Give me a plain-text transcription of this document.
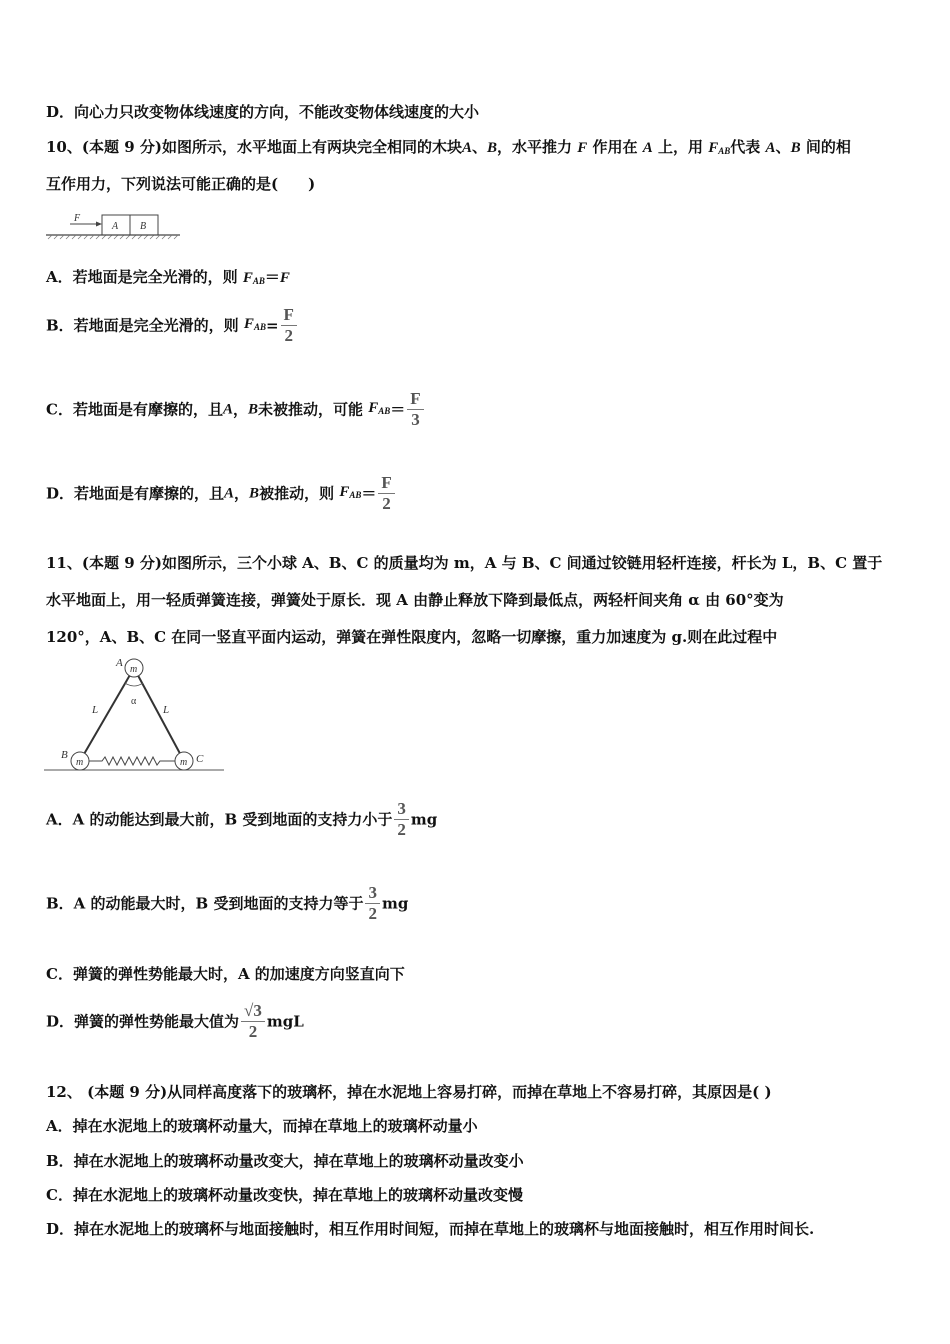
D．向心力只改变物体线速度的方向，不能改变物体线速度的大小
10、(本题 9 分)如图所示，水平地面上有两块完全相同的木块A、B，水平推力 F 作用在 A 上，用 $F_{AB}$代表 A、B 间的相
互作用力，下列说法可能正确的是(　　)
F
A B
A．若地面是完全光滑的，则 $F_{AB}=F$
B．若地面是完全光滑的，则 $F_{AB}= \frac{F}{2}$
C．若地面是有摩擦的，且A，B未被推动，可能 $F_{AB}= \frac{F}{3}$
D．若地面是有摩擦的，且A，B被推动，则 $F_{AB}= \frac{F}{2}$
11、(本题 9 分)如图所示，三个小球 A、B、C 的质量均为 m，A 与 B、C 间通过铰链用轻杆连接，杆长为 L，B、C 置于
水平地面上，用一轻质弹簧连接，弹簧处于原长．现 A 由静止释放下降到最低点，两轻杆间夹角 α 由 60°变为
120°，A、B、C 在同一竖直平面内运动，弹簧在弹性限度内，忽略一切摩擦，重力加速度为 g.则在此过程中
m
m	m
A
B	C
L	L
α
A．A 的动能达到最大前，B 受到地面的支持力小于 $\frac{3}{2}$ mg
B．A 的动能最大时，B 受到地面的支持力等于 $\frac{3}{2}$ mg
C．弹簧的弹性势能最大时，A 的加速度方向竖直向下
D．弹簧的弹性势能最大值为 $\frac{√3}{2}$ mgL
12、 (本题 9 分)从同样高度落下的玻璃杯，掉在水泥地上容易打碎，而掉在草地上不容易打碎，其原因是( )
A．掉在水泥地上的玻璃杯动量大，而掉在草地上的玻璃杯动量小
B．掉在水泥地上的玻璃杯动量改变大，掉在草地上的玻璃杯动量改变小
C．掉在水泥地上的玻璃杯动量改变快，掉在草地上的玻璃杯动量改变慢
D．掉在水泥地上的玻璃杯与地面接触时，相互作用时间短，而掉在草地上的玻璃杯与地面接触时，相互作用时间长.
